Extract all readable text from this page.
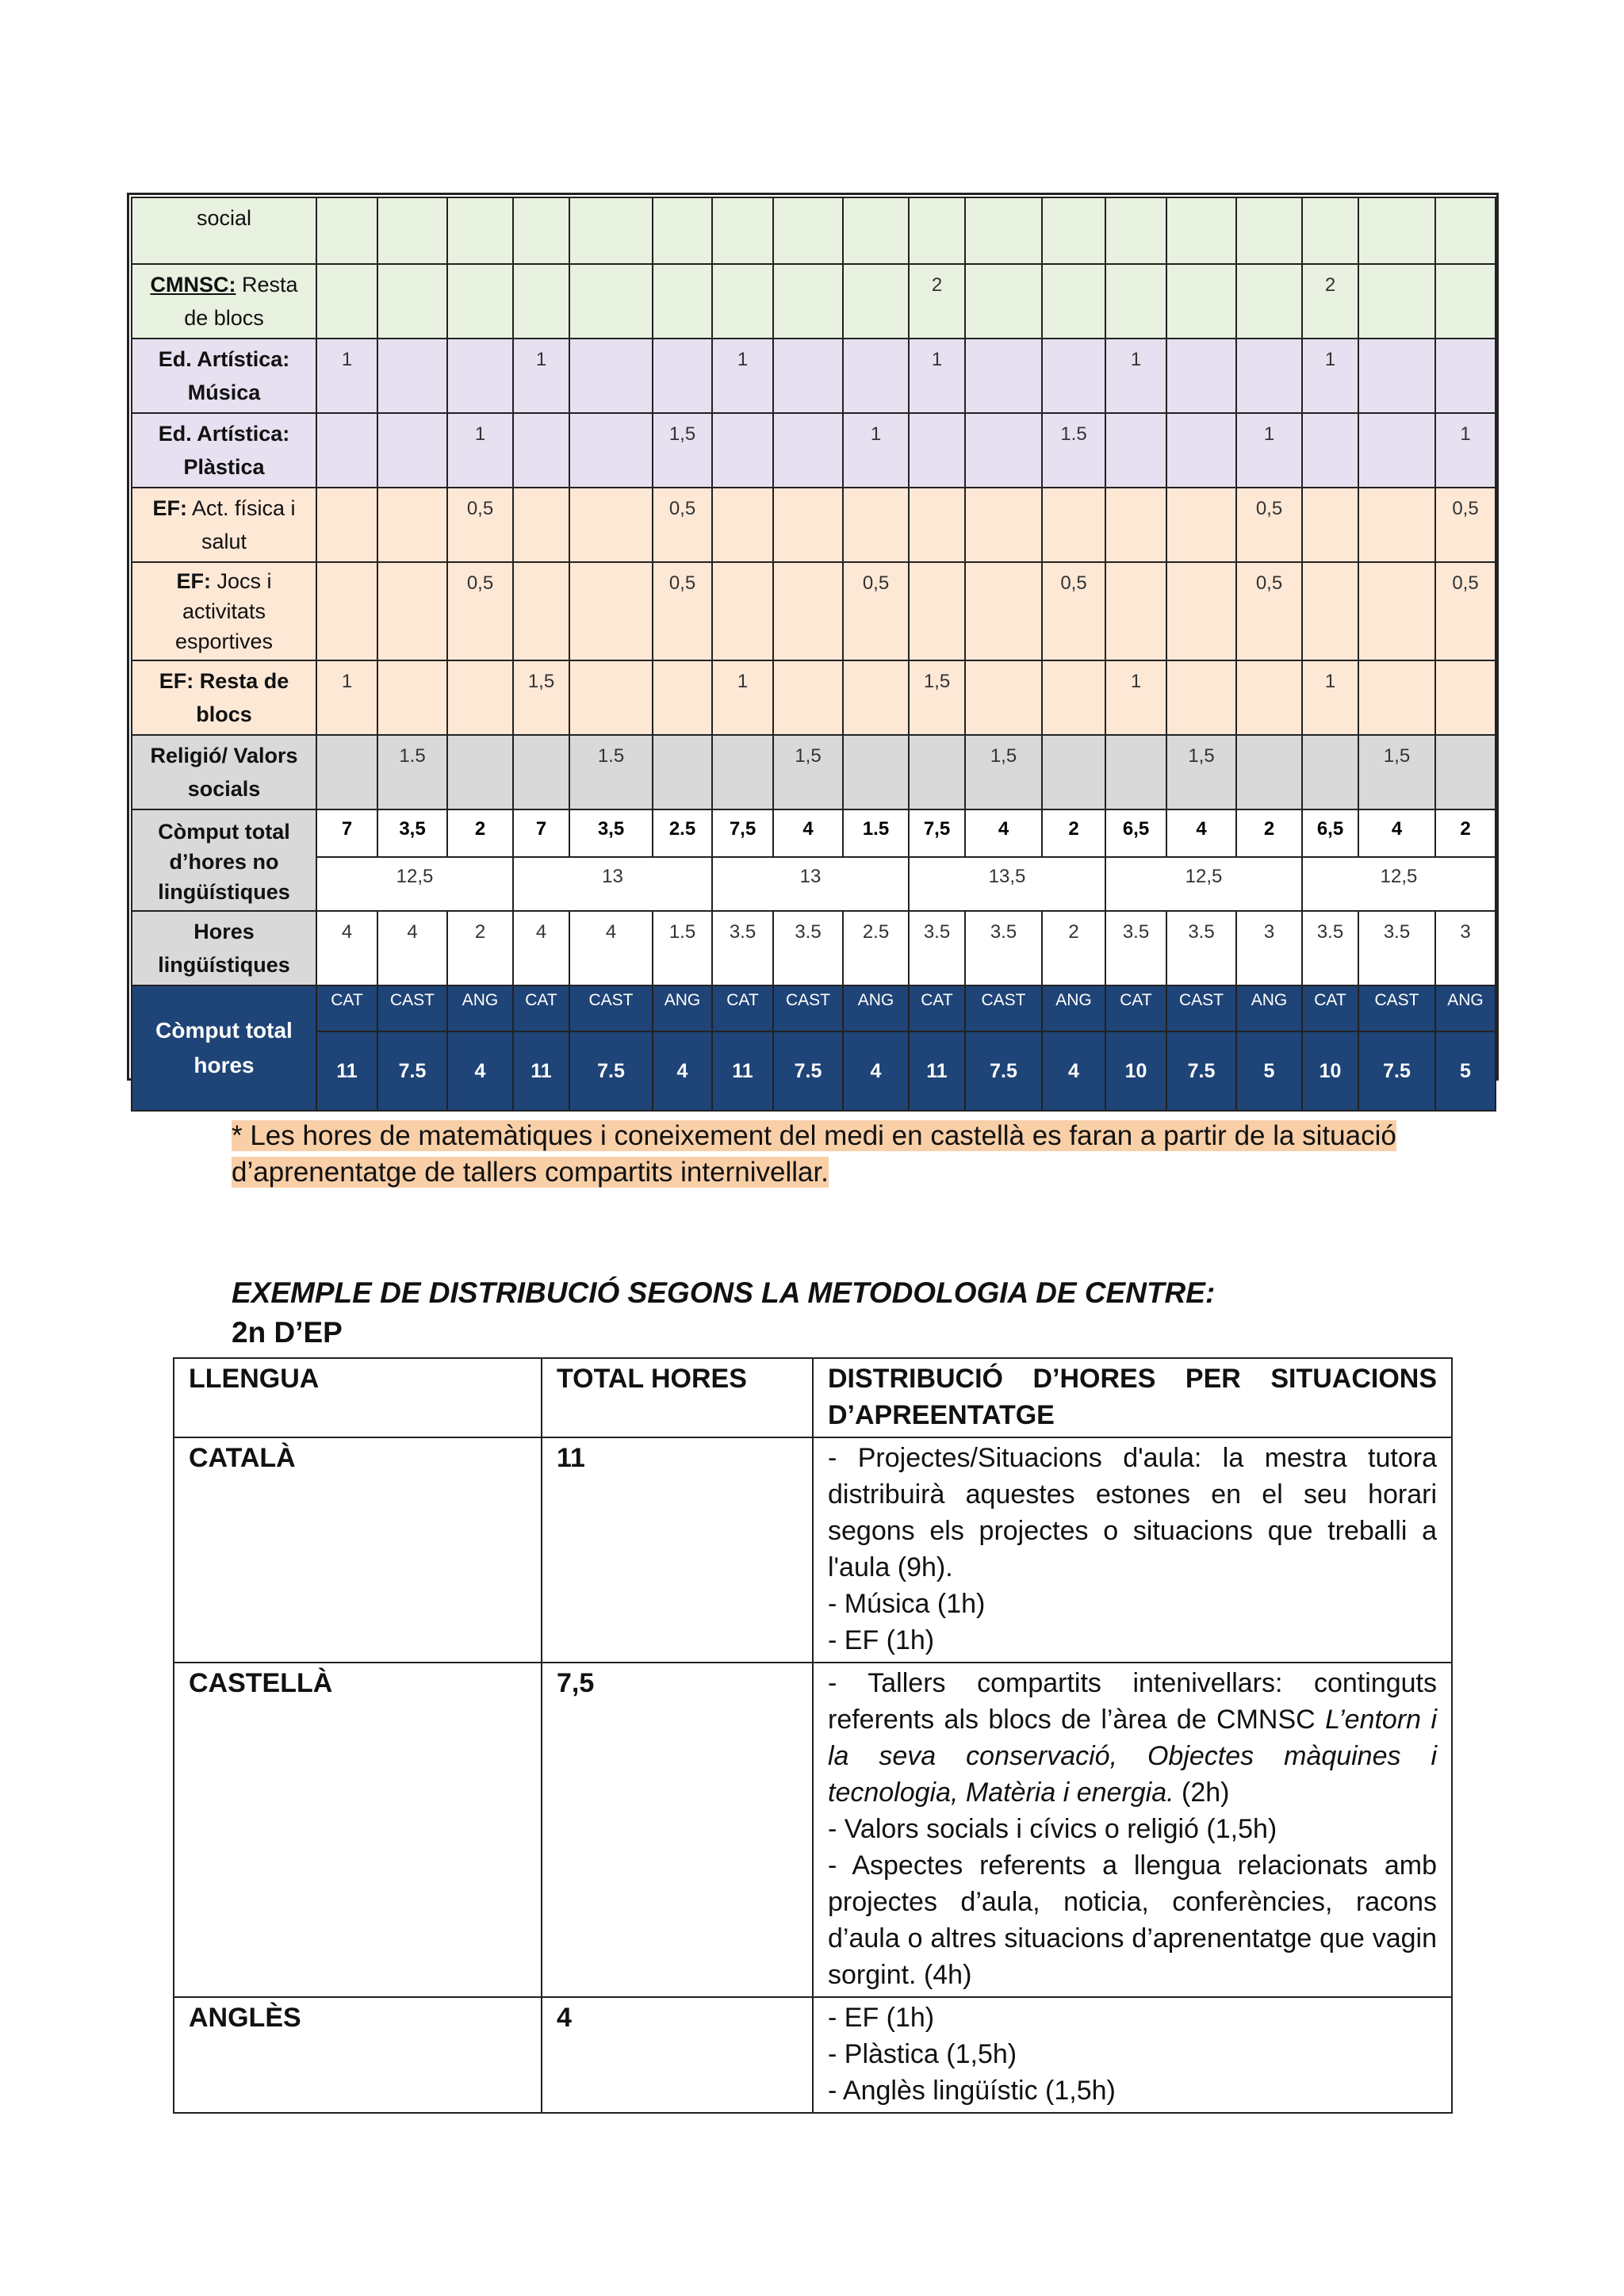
social																		
CMNSC: Resta de blocs										2						2		
Ed. Artística: Música	1			1			1			1			1			1		
Ed. Artística: Plàstica			1			1,5			1			1.5			1			1
EF: Act. física i salut			0,5			0,5									0,5			0,5
EF: Jocs i activitats esportives			0,5			0,5			0,5			0,5			0,5			0,5
EF: Resta de blocs	1			1,5			1			1,5			1			1		
Religió/ Valors socials		1.5			1.5			1,5			1,5			1,5			1,5	
Còmput total d’hores no lingüístiques	7	3,5	2	7	3,5	2.5	7,5	4	1.5	7,5	4	2	6,5	4	2	6,5	4	2
	12,5			13			13			13,5			12,5			12,5		
Hores lingüístiques	4	4	2	4	4	1.5	3.5	3.5	2.5	3.5	3.5	2	3.5	3.5	3	3.5	3.5	3
Còmput total hores	CAT	CAST	ANG	CAT	CAST	ANG	CAT	CAST	ANG	CAT	CAST	ANG	CAT	CAST	ANG	CAT	CAST	ANG
	11	7.5	4	11	7.5	4	11	7.5	4	11	7.5	4	10	7.5	5	10	7.5	5
* Les hores de matemàtiques i coneixement del medi en castellà es faran a partir de la situació d’aprenentatge de tallers compartits internivellar.
EXEMPLE DE DISTRIBUCIÓ SEGONS LA METODOLOGIA DE CENTRE:
2n D’EP
LLENGUA	TOTAL HORES	DISTRIBUCIÓ D’HORES PER SITUACIONS D’APREENTATGE
CATALÀ	11	- Projectes/Situacions d'aula: la mestra tutora distribuirà aquestes estones en el seu horari segons els projectes o situacions que treballi a l'aula (9h).
- Música (1h)
- EF (1h)

CASTELLÀ	7,5	- Tallers compartits intenivellars: continguts referents als blocs de l’àrea de CMNSC L’entorn i la seva conservació, Objectes màquines i tecnologia, Matèria i energia. (2h)
- Valors socials i cívics o religió (1,5h)
- Aspectes referents a llengua relacionats amb projectes d’aula, noticia, conferències, racons d’aula o altres situacions d’aprenentatge que vagin sorgint. (4h)

ANGLÈS	4	- EF (1h)
- Plàstica (1,5h)
- Anglès lingüístic (1,5h)
